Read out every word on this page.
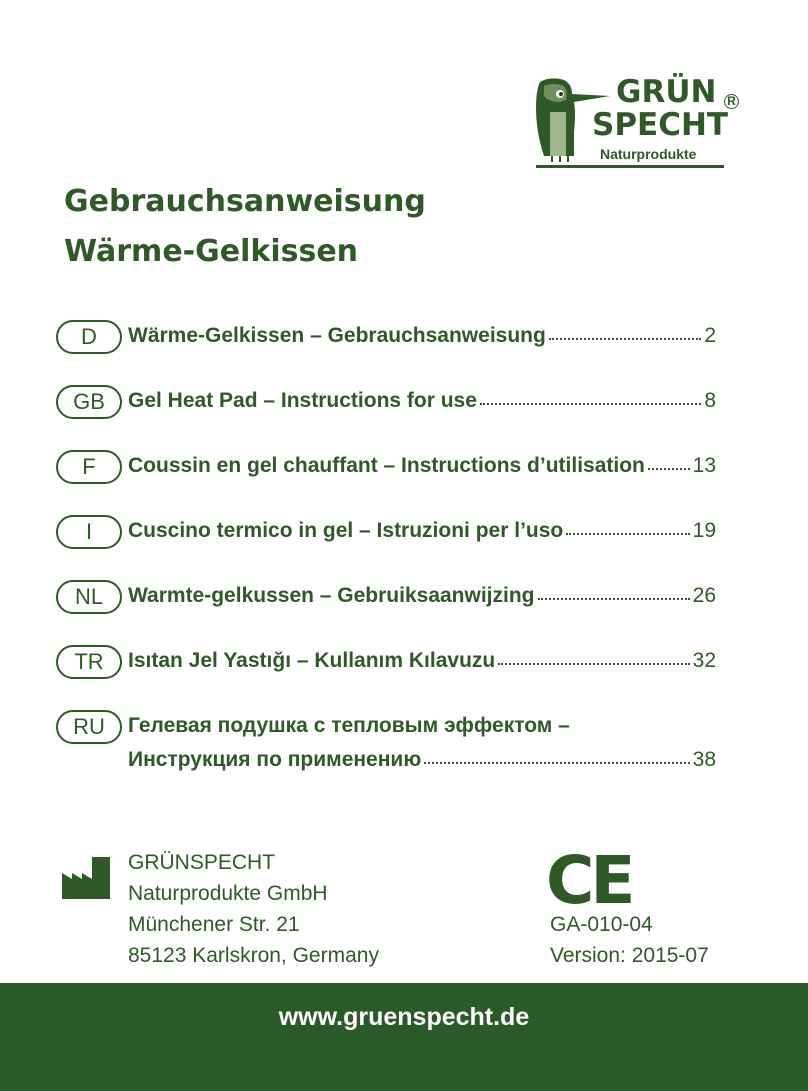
GRÜN
SPECHT
R
Naturprodukte
Gebrauchsanweisung
Wärme-Gelkissen
D	Wärme-Gelkissen – Gebrauchsanweisung	2
GB	Gel Heat Pad – Instructions for use	8
F	Coussin en gel chauffant – Instructions d’utilisation 13
I	Cuscino termico in gel – Istruzioni per l’uso	19
NL	Warmte-gelkussen – Gebruiksaanwijzing	26
TR	Isıtan Jel Yastığı – Kullanım Kılavuzu	32
RU	Гелевая подушка с тепловым эффектом –
Инструкция по применению	38
GRÜNSPECHT
Naturprodukte GmbH
Münchener Str. 21
85123 Karlskron, Germany
CE
GA-010-04
Version: 2015-07
www.gruenspecht.de
